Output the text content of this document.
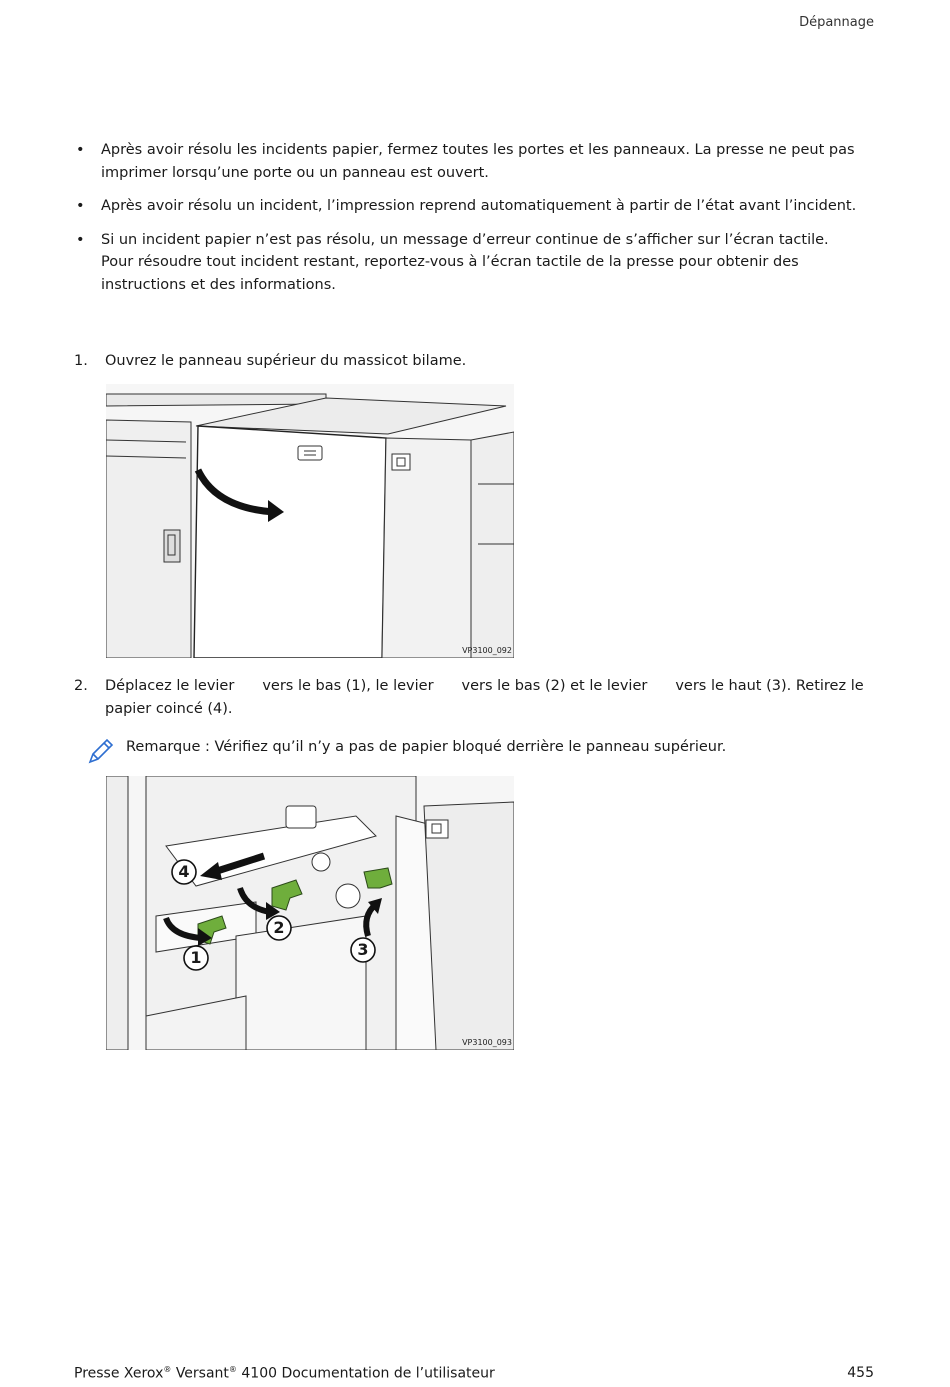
Dépannage
• Après avoir résolu les incidents papier, fermez toutes les portes et les panneaux. La presse ne peut pas imprimer lorsqu’une porte ou un panneau est ouvert.
• Après avoir résolu un incident, l’impression reprend automatiquement à partir de l’état avant l’incident.
• Si un incident papier n’est pas résolu, un message d’erreur continue de s’afficher sur l’écran tactile. Pour résoudre tout incident restant, reportez-vous à l’écran tactile de la presse pour obtenir des instructions et des informations.
1.	Ouvrez le panneau supérieur du massicot bilame.
VP3100_092
2.	Déplacez le levier vers le bas (1), le levier vers le bas (2) et le levier vers le haut (3). Retirez le papier coincé (4).
Remarque : Vérifiez qu’il n’y a pas de papier bloqué derrière le panneau supérieur.
4
2
1	3
VP3100_093
Presse Xerox® Versant® 4100 Documentation de l’utilisateur	455
